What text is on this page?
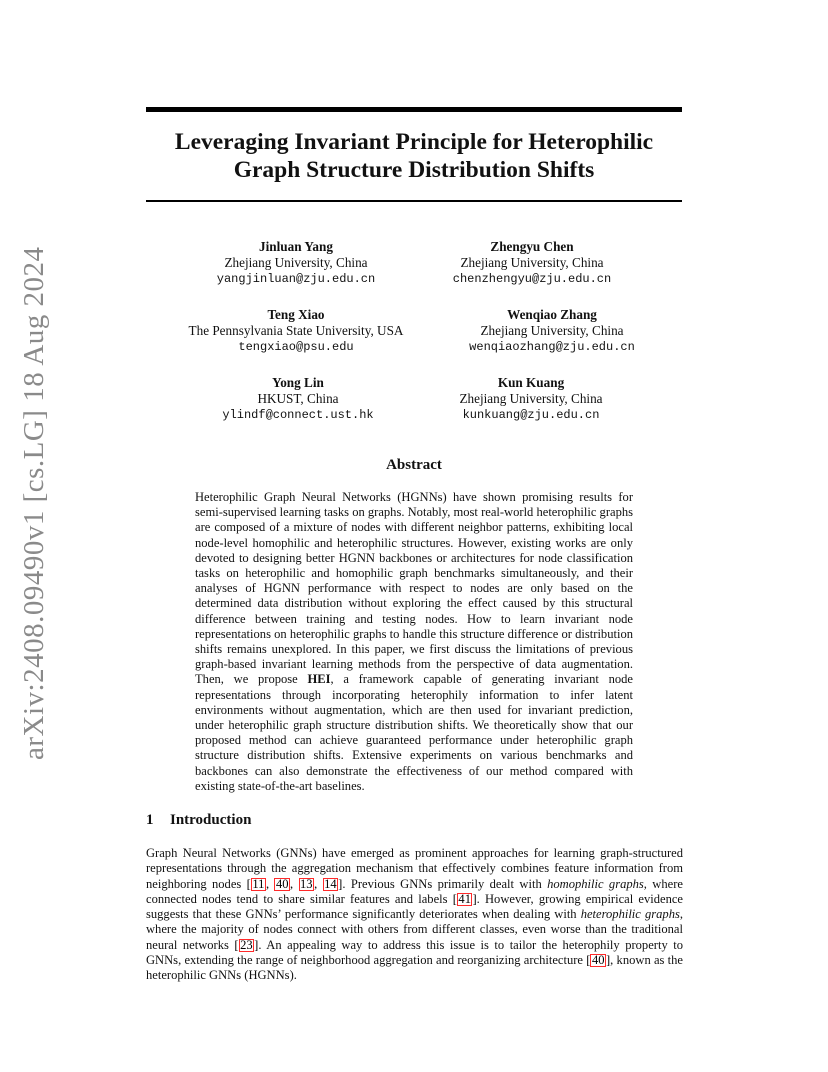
arXiv:2408.09490v1 [cs.LG] 18 Aug 2024
Leveraging Invariant Principle for Heterophilic Graph Structure Distribution Shifts
Jinluan Yang
Zhejiang University, China
yangjinluan@zju.edu.cn
Zhengyu Chen
Zhejiang University, China
chenzhengyu@zju.edu.cn
Teng Xiao
The Pennsylvania State University, USA
tengxiao@psu.edu
Wenqiao Zhang
Zhejiang University, China
wenqiaozhang@zju.edu.cn
Yong Lin
HKUST, China
ylindf@connect.ust.hk
Kun Kuang
Zhejiang University, China
kunkuang@zju.edu.cn
Abstract
Heterophilic Graph Neural Networks (HGNNs) have shown promising results for semi-supervised learning tasks on graphs. Notably, most real-world heterophilic graphs are composed of a mixture of nodes with different neighbor patterns, exhibiting local node-level homophilic and heterophilic structures. However, existing works are only devoted to designing better HGNN backbones or architectures for node classification tasks on heterophilic and homophilic graph benchmarks simultaneously, and their analyses of HGNN performance with respect to nodes are only based on the determined data distribution without exploring the effect caused by this structural difference between training and testing nodes. How to learn invariant node representations on heterophilic graphs to handle this structure difference or distribution shifts remains unexplored. In this paper, we first discuss the limitations of previous graph-based invariant learning methods from the perspective of data augmentation. Then, we propose HEI, a framework capable of generating invariant node representations through incorporating heterophily information to infer latent environments without augmentation, which are then used for invariant prediction, under heterophilic graph structure distribution shifts. We theoretically show that our proposed method can achieve guaranteed performance under heterophilic graph structure distribution shifts. Extensive experiments on various benchmarks and backbones can also demonstrate the effectiveness of our method compared with existing state-of-the-art baselines.
1 Introduction
Graph Neural Networks (GNNs) have emerged as prominent approaches for learning graph-structured representations through the aggregation mechanism that effectively combines feature information from neighboring nodes [ 11 , 40 , 13 , 14 ]. Previous GNNs primarily dealt with homophilic graphs, where connected nodes tend to share similar features and labels [ 41 ]. However, growing empirical evidence suggests that these GNNs’ performance significantly deteriorates when dealing with heterophilic graphs, where the majority of nodes connect with others from different classes, even worse than the traditional neural networks [ 23 ]. An appealing way to address this issue is to tailor the heterophily property to GNNs, extending the range of neighborhood aggregation and reorganizing architecture [ 40 ], known as the heterophilic GNNs (HGNNs).
